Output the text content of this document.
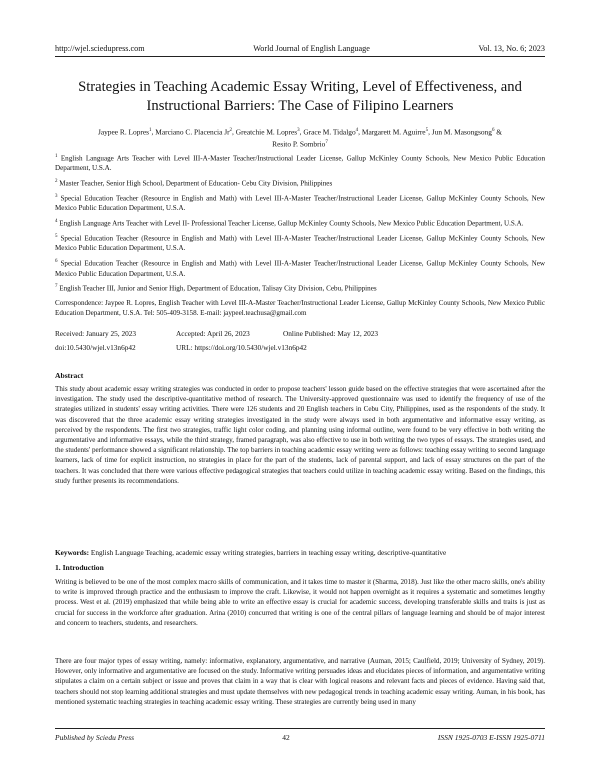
http://wjel.sciedupress.com	World Journal of English Language	Vol. 13, No. 6; 2023
Strategies in Teaching Academic Essay Writing, Level of Effectiveness, and
Instructional Barriers: The Case of Filipino Learners
Jaypee R. Lopres$^1$, Marciano C. Placencia Jr$^2$, Greatchie M. Lopres$^3$, Grace M. Tidalgo$^4$, Margarett M. Aguirre$^5$, Jun M. Masongsong$^6$ &
Resito P. Sombrio$^7$

$^1$ English Language Arts Teacher with Level III-A-Master Teacher/Instructional Leader License, Gallup McKinley County Schools, New Mexico Public Education Department, U.S.A.

$^2$ Master Teacher, Senior High School, Department of Education- Cebu City Division, Philippines

$^3$ Special Education Teacher (Resource in English and Math) with Level III-A-Master Teacher/Instructional Leader License, Gallup McKinley County Schools, New Mexico Public Education Department, U.S.A.

$^4$ English Language Arts Teacher with Level II- Professional Teacher License, Gallup McKinley County Schools, New Mexico Public Education Department, U.S.A.

$^5$ Special Education Teacher (Resource in English and Math) with Level III-A-Master Teacher/Instructional Leader License, Gallup McKinley County Schools, New Mexico Public Education Department, U.S.A.

$^6$ Special Education Teacher (Resource in English and Math) with Level III-A-Master Teacher/Instructional Leader License, Gallup McKinley County Schools, New Mexico Public Education Department, U.S.A.

$^7$ English Teacher III, Junior and Senior High, Department of Education, Talisay City Division, Cebu, Philippines

Correspondence: Jaypee R. Lopres, English Teacher with Level III-A-Master Teacher/Instructional Leader License, Gallup McKinley County Schools, New Mexico Public Education Department, U.S.A. Tel: 505-409-3158. E-mail: jaypeel.teachusa@gmail.com

Received: January 25, 2023	Accepted: April 26, 2023	Online Published: May 12, 2023
doi:10.5430/wjel.v13n6p42	URL: https://doi.org/10.5430/wjel.v13n6p42
Abstract

This study about academic essay writing strategies was conducted in order to propose teachers' lesson guide based on the effective strategies that were ascertained after the investigation. The study used the descriptive-quantitative method of research. The University-approved questionnaire was used to identify the frequency of use of the strategies utilized in students' essay writing activities. There were 126 students and 20 English teachers in Cebu City, Philippines, used as the respondents of the study. It was discovered that the three academic essay writing strategies investigated in the study were always used in both argumentative and informative essay writing, as perceived by the respondents. The first two strategies, traffic light color coding, and planning using informal outline, were found to be very effective in both writing the argumentative and informative essays, while the third strategy, framed paragraph, was also effective to use in both writing the two types of essays. The strategies used, and the students' performance showed a significant relationship. The top barriers in teaching academic essay writing were as follows: teaching essay writing to second language learners, lack of time for explicit instruction, no strategies in place for the part of the students, lack of parental support, and lack of essay structures on the part of the teachers. It was concluded that there were various effective pedagogical strategies that teachers could utilize in teaching academic essay writing. Based on the findings, this study further presents its recommendations.

Keywords: English Language Teaching, academic essay writing strategies, barriers in teaching essay writing, descriptive-quantitative

1. Introduction

Writing is believed to be one of the most complex macro skills of communication, and it takes time to master it (Sharma, 2018). Just like the other macro skills, one's ability to write is improved through practice and the enthusiasm to improve the craft. Likewise, it would not happen overnight as it requires a systematic and sometimes lengthy process. West et al. (2019) emphasized that while being able to write an effective essay is crucial for academic success, developing transferable skills and traits is just as crucial for success in the workforce after graduation. Arina (2010) concurred that writing is one of the central pillars of language learning and should be of major interest and concern to teachers, students, and researchers.

There are four major types of essay writing, namely: informative, explanatory, argumentative, and narrative (Auman, 2015; Caulfield, 2019; University of Sydney, 2019). However, only informative and argumentative are focused on the study. Informative writing persuades ideas and elucidates pieces of information, and argumentative writing stipulates a claim on a certain subject or issue and proves that claim in a way that is clear with logical reasons and relevant facts and pieces of evidence. Having said that, teachers should not stop learning additional strategies and must update themselves with new pedagogical trends in teaching academic essay writing. Auman, in his book, has mentioned systematic teaching strategies in teaching academic essay writing. These strategies are currently being used in many

Published by Sciedu Press	42	ISSN 1925-0703 E-ISSN 1925-0711
